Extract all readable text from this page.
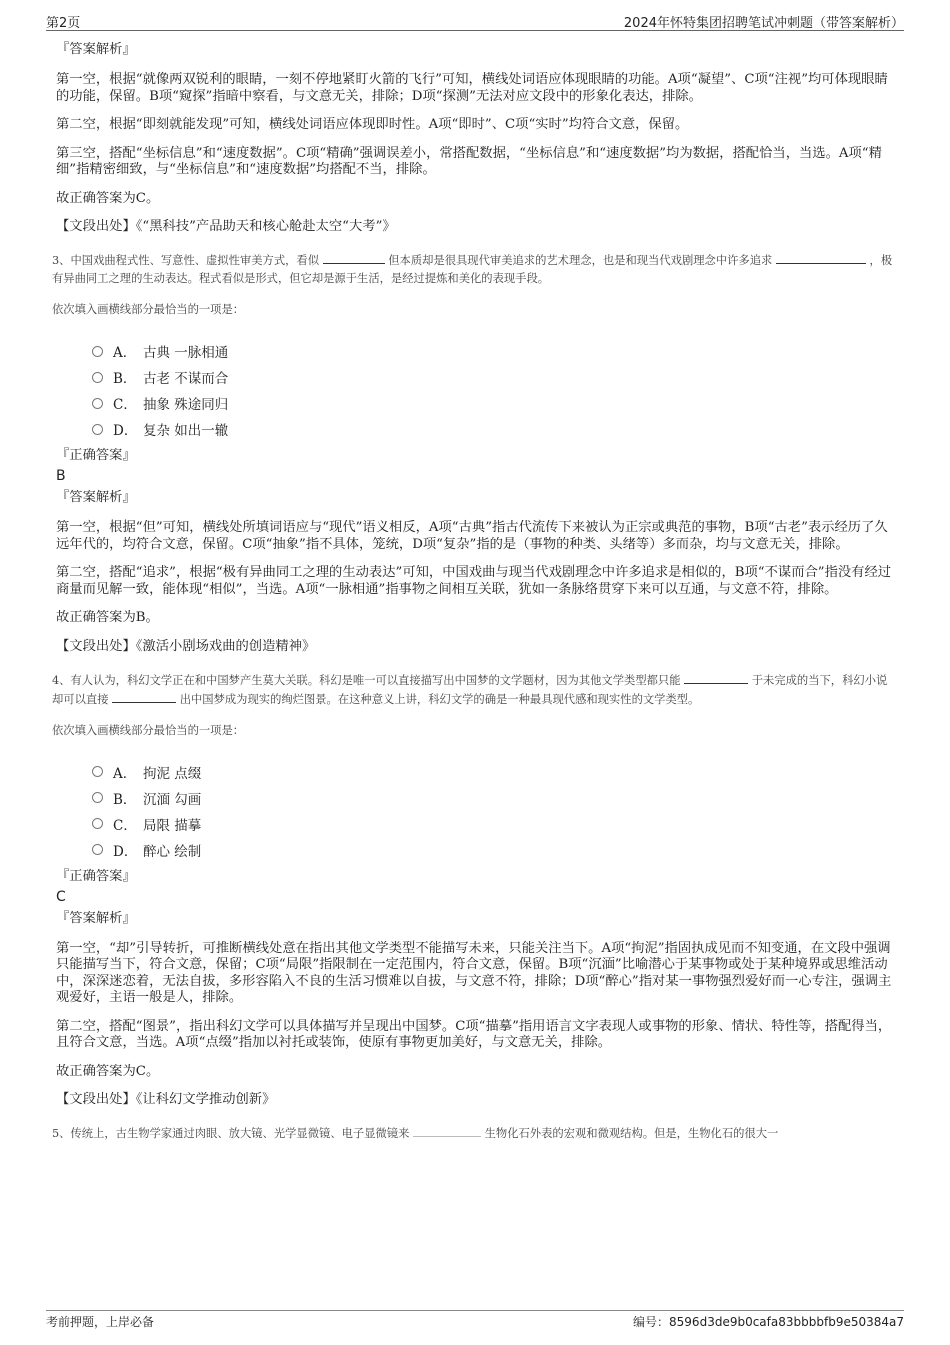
第2页	2024年怀特集团招聘笔试冲刺题（带答案解析）
『答案解析』

第一空，根据“就像两双锐利的眼睛，一刻不停地紧盯火箭的飞行”可知，横线处词语应体现眼睛的功能。A项“凝望”、C项“注视”均可体现眼睛的功能，保留。B项“窥探”指暗中察看，与文意无关，排除；D项“探测”无法对应文段中的形象化表达，排除。

第二空，根据“即刻就能发现”可知，横线处词语应体现即时性。A项“即时”、C项“实时”均符合文意，保留。

第三空，搭配“坐标信息”和“速度数据”。C项“精确”强调误差小，常搭配数据，“坐标信息”和“速度数据”均为数据，搭配恰当，当选。A项“精细”指精密细致，与“坐标信息”和“速度数据”均搭配不当，排除。

故正确答案为C。

【文段出处】《“黑科技”产品助天和核心舱赴太空“大考”》

3、中国戏曲程式性、写意性、虚拟性审美方式，看似	但本质却是很具现代审美追求的艺术理念，也是和现当代戏剧理念中许多追求	，极有异曲同工之理的生动表达。程式看似是形式，但它却是源于生活，是经过提炼和美化的表现手段。
依次填入画横线部分最恰当的一项是：
A． 古典 一脉相通
B． 古老 不谋而合
C． 抽象 殊途同归
D． 复杂 如出一辙
『正确答案』
B
『答案解析』

第一空，根据“但”可知，横线处所填词语应与“现代”语义相反，A项“古典”指古代流传下来被认为正宗或典范的事物，B项“古老”表示经历了久远年代的，均符合文意，保留。C项“抽象”指不具体，笼统，D项“复杂”指的是（事物的种类、头绪等）多而杂，均与文意无关，排除。

第二空，搭配“追求”，根据“极有异曲同工之理的生动表达”可知，中国戏曲与现当代戏剧理念中许多追求是相似的，B项“不谋而合”指没有经过商量而见解一致，能体现“相似”，当选。A项“一脉相通”指事物之间相互关联，犹如一条脉络贯穿下来可以互通，与文意不符，排除。

故正确答案为B。

【文段出处】《激活小剧场戏曲的创造精神》

4、有人认为，科幻文学正在和中国梦产生莫大关联。科幻是唯一可以直接描写出中国梦的文学题材，因为其他文学类型都只能	于未完成的当下，科幻小说却可以直接	出中国梦成为现实的绚烂图景。在这种意义上讲，科幻文学的确是一种最具现代感和现实性的文学类型。
依次填入画横线部分最恰当的一项是：
A． 拘泥 点缀
B． 沉湎 勾画
C． 局限 描摹
D． 醉心 绘制
『正确答案』
C
『答案解析』

第一空，“却”引导转折，可推断横线处意在指出其他文学类型不能描写未来，只能关注当下。A项“拘泥”指固执成见而不知变通，在文段中强调只能描写当下，符合文意，保留；C项“局限”指限制在一定范围内，符合文意，保留。B项“沉湎”比喻潜心于某事物或处于某种境界或思维活动中，深深迷恋着，无法自拔，多形容陷入不良的生活习惯难以自拔，与文意不符，排除；D项“醉心”指对某一事物强烈爱好而一心专注，强调主观爱好，主语一般是人，排除。

第二空，搭配“图景”，指出科幻文学可以具体描写并呈现出中国梦。C项“描摹”指用语言文字表现人或事物的形象、情状、特性等，搭配得当，且符合文意，当选。A项“点缀”指加以衬托或装饰，使原有事物更加美好，与文意无关，排除。

故正确答案为C。

【文段出处】《让科幻文学推动创新》

5、传统上，古生物学家通过肉眼、放大镜、光学显微镜、电子显微镜来	生物化石外表的宏观和微观结构。但是，生物化石的很大一
考前押题，上岸必备	编号：8596d3de9b0cafa83bbbbfb9e50384a7
